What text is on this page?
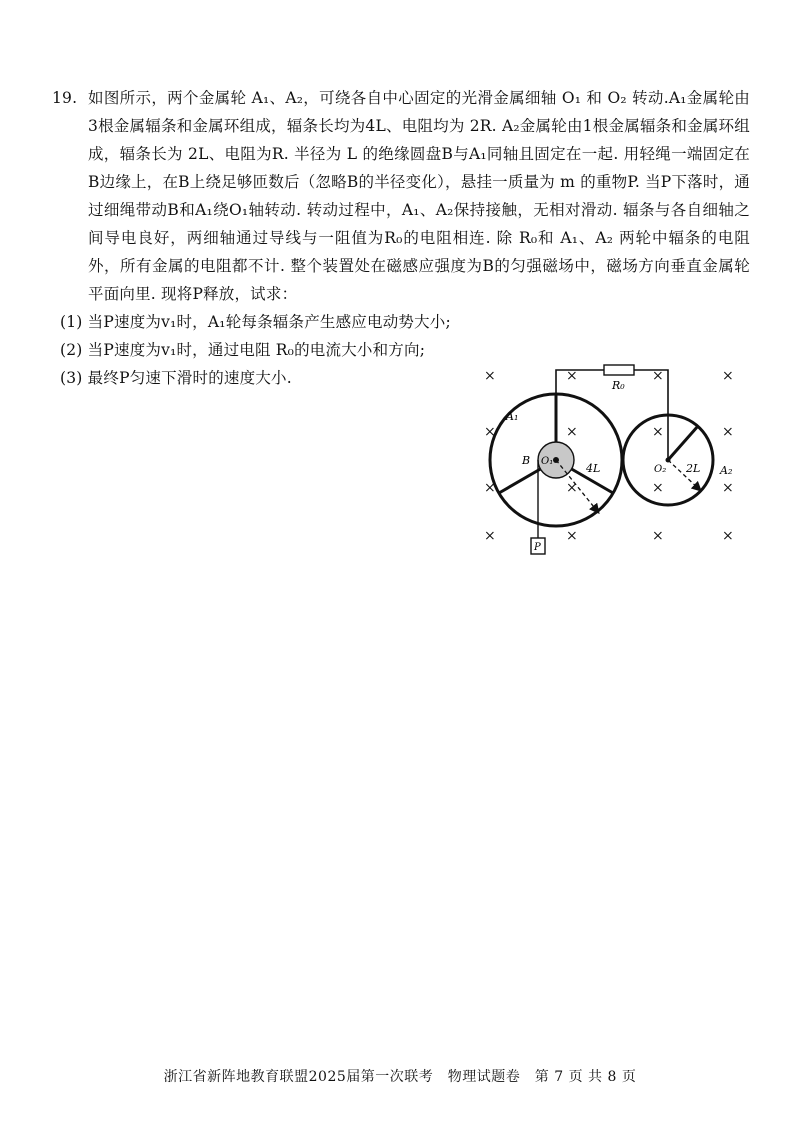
19. 如图所示，两个金属轮 A₁、A₂，可绕各自中心固定的光滑金属细轴 O₁ 和 O₂ 转动.A₁金属轮由3根金属辐条和金属环组成，辐条长均为4L、电阻均为 2R. A₂金属轮由1根金属辐条和金属环组成，辐条长为 2L、电阻为R. 半径为 L 的绝缘圆盘B与A₁同轴且固定在一起. 用轻绳一端固定在B边缘上，在B上绕足够匝数后（忽略B的半径变化），悬挂一质量为 m 的重物P. 当P下落时，通过细绳带动B和A₁绕O₁轴转动. 转动过程中，A₁、A₂保持接触，无相对滑动. 辐条与各自细轴之间导电良好，两细轴通过导线与一阻值为R₀的电阻相连. 除 R₀和 A₁、A₂ 两轮中辐条的电阻外，所有金属的电阻都不计. 整个装置处在磁感应强度为B的匀强磁场中，磁场方向垂直金属轮平面向里. 现将P释放，试求：

(1) 当P速度为v₁时，A₁轮每条辐条产生感应电动势大小;
(2) 当P速度为v₁时，通过电阻 R₀的电流大小和方向;
(3) 最终P匀速下滑时的速度大小.	×	×	×	×
×	×	×	×
×	×	×	×
×	×	×	×
R₀
P
4L
A₁
B O₁
O₂ 2L A₂
浙江省新阵地教育联盟2025届第一次联考　物理试题卷　第 7 页 共 8 页
